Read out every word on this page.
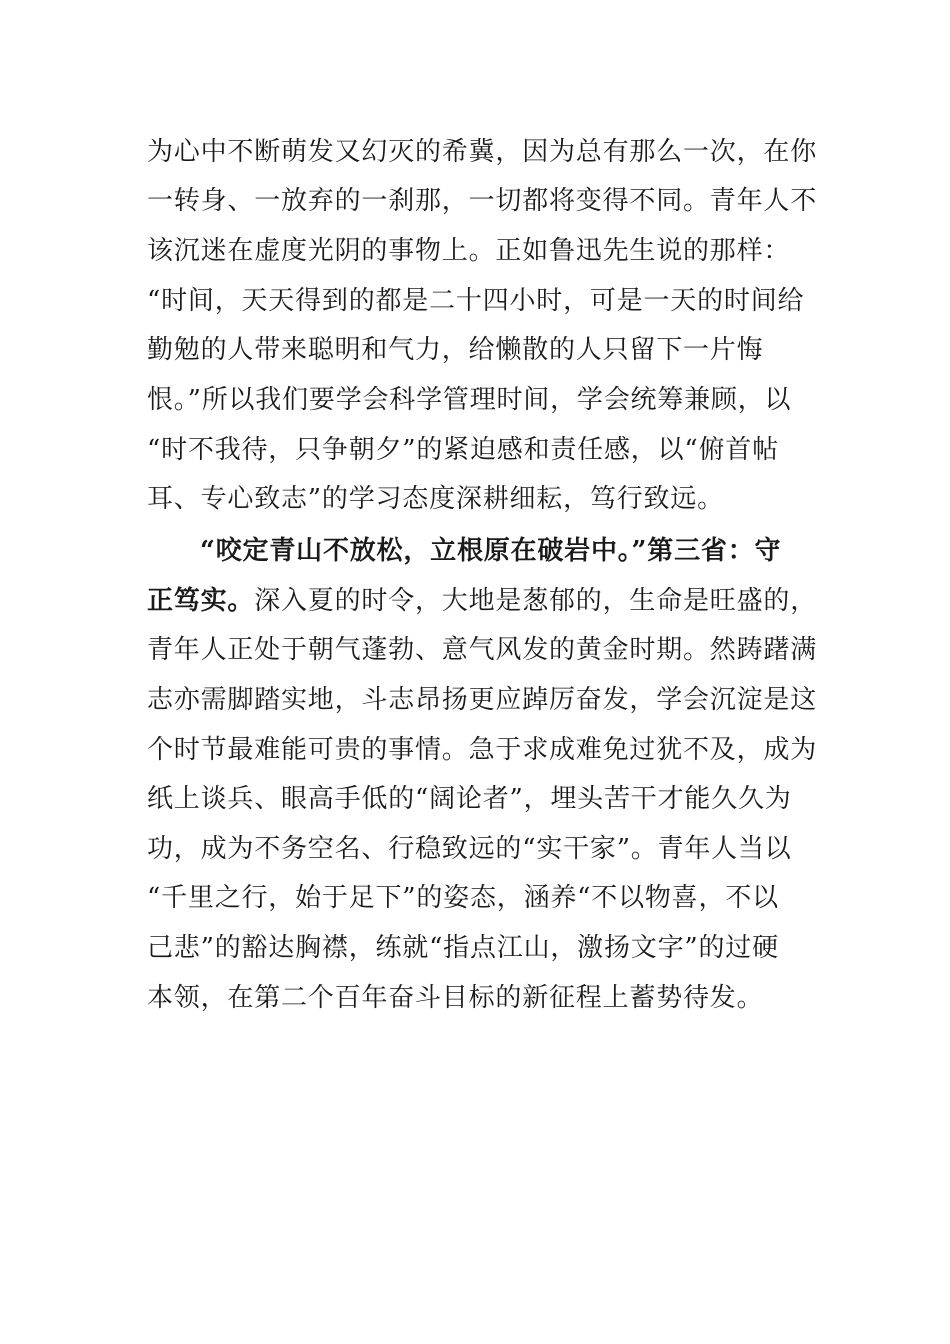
为心中不断萌发又幻灭的希冀，因为总有那么一次，在你
一转身、一放弃的一刹那，一切都将变得不同。青年人不
该沉迷在虚度光阴的事物上。正如鲁迅先生说的那样：
“时间，天天得到的都是二十四小时，可是一天的时间给
勤勉的人带来聪明和气力，给懒散的人只留下一片悔
恨。”所以我们要学会科学管理时间，学会统筹兼顾，以
“时不我待，只争朝夕”的紧迫感和责任感，以“俯首帖
耳、专心致志”的学习态度深耕细耘，笃行致远。
“咬定青山不放松，立根原在破岩中。”第三省：守
正笃实。深入夏的时令，大地是葱郁的，生命是旺盛的，
青年人正处于朝气蓬勃、意气风发的黄金时期。然踌躇满
志亦需脚踏实地，斗志昂扬更应踔厉奋发，学会沉淀是这
个时节最难能可贵的事情。急于求成难免过犹不及，成为
纸上谈兵、眼高手低的“阔论者”，埋头苦干才能久久为
功，成为不务空名、行稳致远的“实干家”。青年人当以
“千里之行，始于足下”的姿态，涵养“不以物喜，不以
己悲”的豁达胸襟，练就“指点江山，激扬文字”的过硬
本领，在第二个百年奋斗目标的新征程上蓄势待发。
